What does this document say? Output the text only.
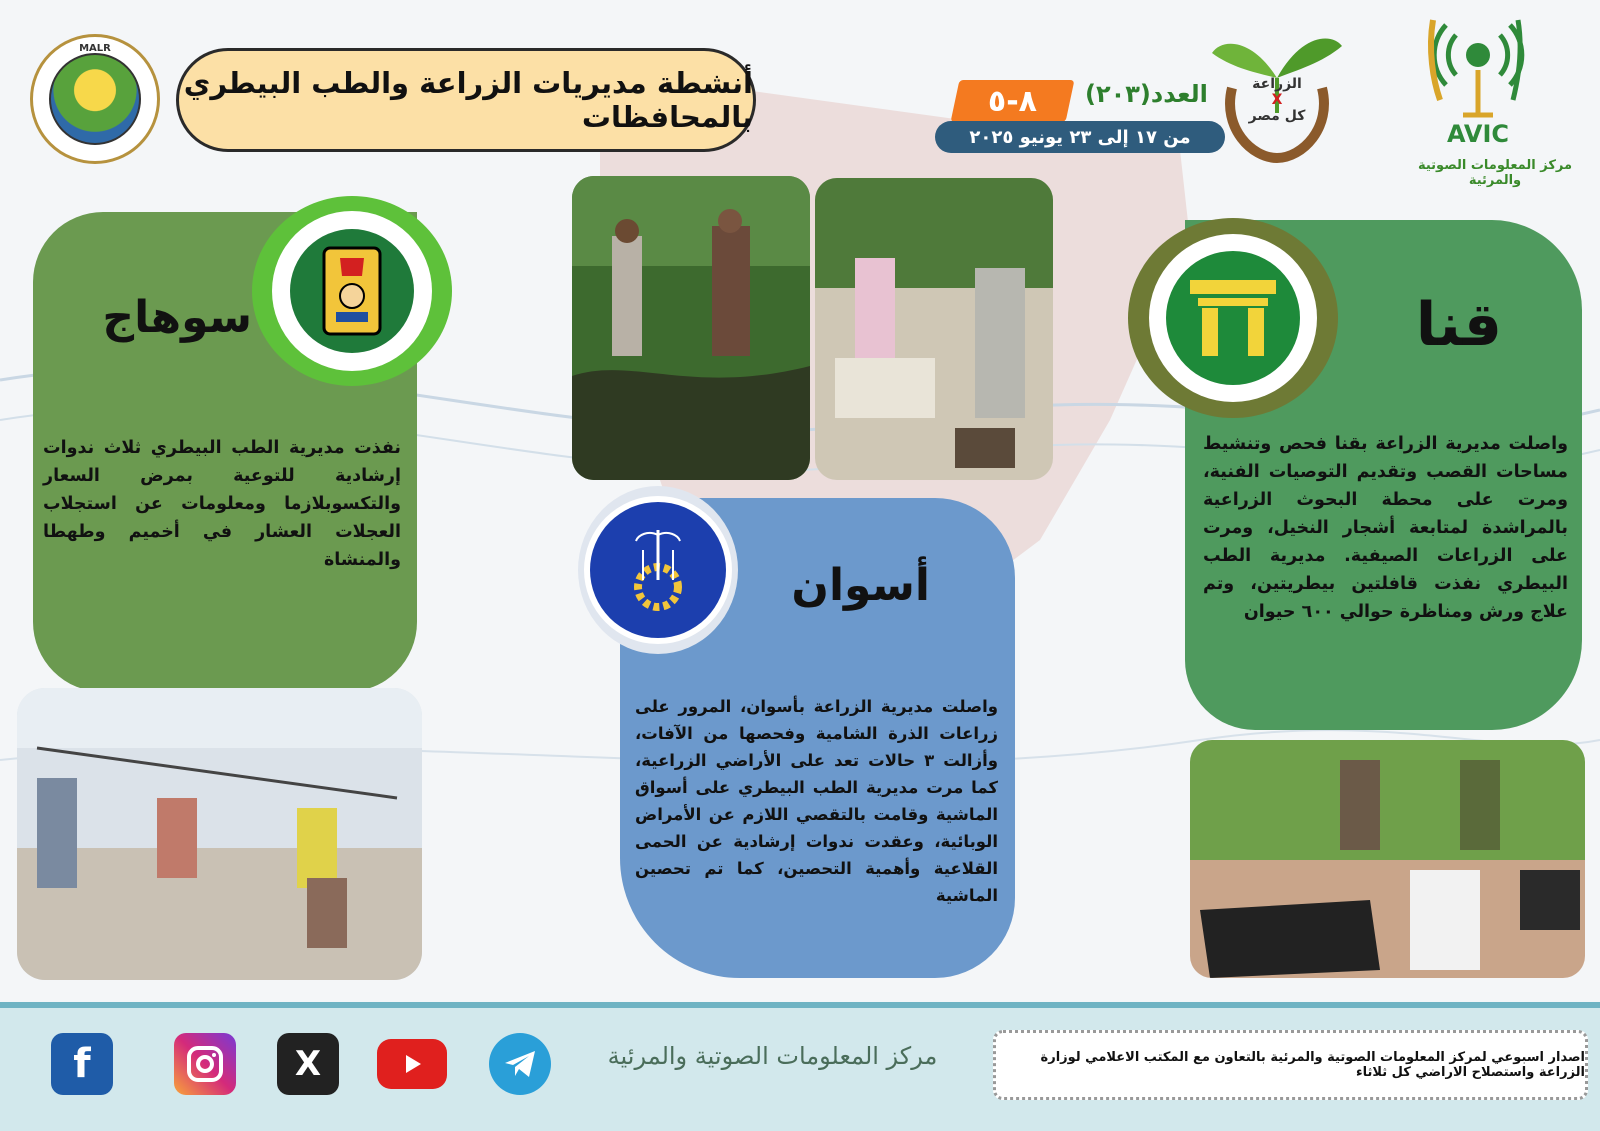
MALR
أنشطة مديريات الزراعة والطب البيطري بالمحافظات	٨-٥ العدد(٢٠٣)
من ١٧ إلى ٢٣ يونيو ٢٠٢٥
الزراعة
X
كل مصر
AVIC
مركز المعلومات الصوتية والمرئية
سوهاج
نفذت مديرية الطب البيطري ثلاث ندوات إرشادية للتوعية بمرض السعار والتكسوبلازما ومعلومات عن استجلاب العجلات العشار في أخميم وطهطا والمنشاة
قنا
واصلت مديرية الزراعة بقنا فحص وتنشيط مساحات القصب وتقديم التوصيات الفنية، ومرت على محطة البحوث الزراعية بالمراشدة لمتابعة أشجار النخيل، ومرت على الزراعات الصيفية. مديرية الطب البيطري نفذت قافلتين بيطريتين، وتم علاج ورش ومناظرة حوالي ٦٠٠ حيوان
أسوان
واصلت مديرية الزراعة بأسوان، المرور على زراعات الذرة الشامية وفحصها من الآفات، وأزالت ٣ حالات تعد على الأراضي الزراعية، كما مرت مديرية الطب البيطري على أسواق الماشية وقامت بالتقصي اللازم عن الأمراض الوبائية، وعقدت ندوات إرشادية عن الحمى القلاعية وأهمية التحصين، كما تم تحصين الماشية
f	X	مركز المعلومات الصوتية والمرئية	اصدار اسبوعي لمركز المعلومات الصوتية والمرئية بالتعاون مع المكتب الاعلامي لوزارة الزراعة واستصلاح الاراضي كل ثلاثاء
